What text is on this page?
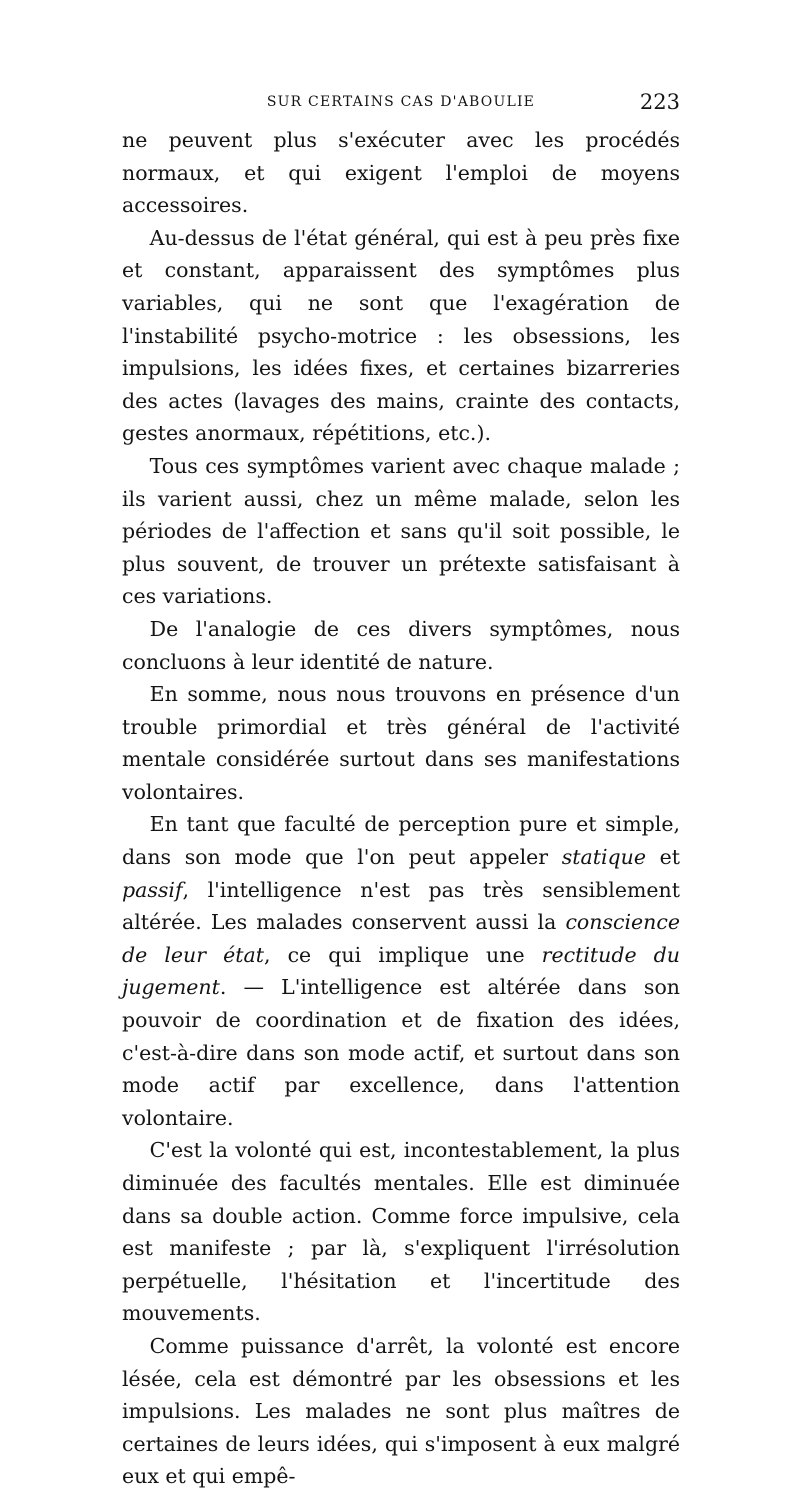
SUR CERTAINS CAS D'ABOULIE	223

ne peuvent plus s'exécuter avec les procédés normaux, et qui exigent l'emploi de moyens accessoires.

Au-dessus de l'état général, qui est à peu près fixe et constant, apparaissent des symptômes plus variables, qui ne sont que l'exagération de l'instabilité psycho-motrice : les obsessions, les impulsions, les idées fixes, et certaines bizarreries des actes (lavages des mains, crainte des contacts, gestes anormaux, répétitions, etc.).

Tous ces symptômes varient avec chaque malade ; ils varient aussi, chez un même malade, selon les périodes de l'affection et sans qu'il soit possible, le plus souvent, de trouver un prétexte satisfaisant à ces variations.

De l'analogie de ces divers symptômes, nous concluons à leur identité de nature.

En somme, nous nous trouvons en présence d'un trouble primordial et très général de l'activité mentale considérée surtout dans ses manifestations volontaires.

En tant que faculté de perception pure et simple, dans son mode que l'on peut appeler statique et passif, l'intelligence n'est pas très sensiblement altérée. Les malades conservent aussi la conscience de leur état, ce qui implique une rectitude du jugement. — L'intelligence est altérée dans son pouvoir de coordination et de fixation des idées, c'est-à-dire dans son mode actif, et surtout dans son mode actif par excellence, dans l'attention volontaire.

C'est la volonté qui est, incontestablement, la plus diminuée des facultés mentales. Elle est diminuée dans sa double action. Comme force impulsive, cela est manifeste ; par là, s'expliquent l'irrésolution perpétuelle, l'hésitation et l'incertitude des mouvements.

Comme puissance d'arrêt, la volonté est encore lésée, cela est démontré par les obsessions et les impulsions. Les malades ne sont plus maîtres de certaines de leurs idées, qui s'imposent à eux malgré eux et qui empê-
